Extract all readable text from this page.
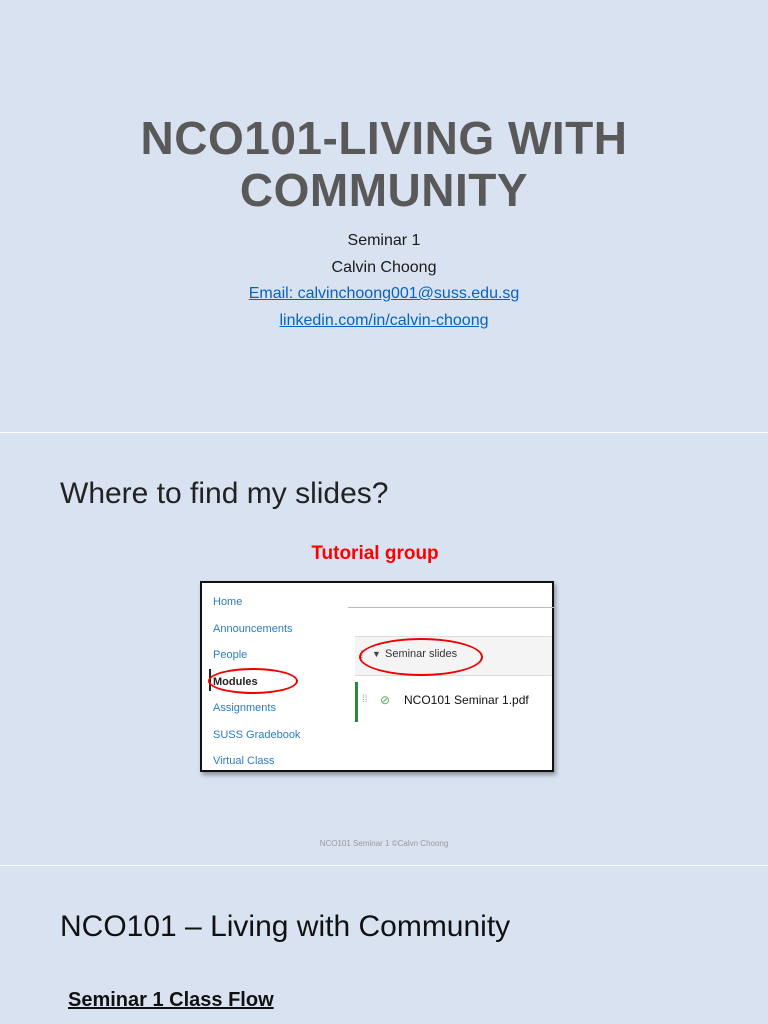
NCO101-LIVING WITH
COMMUNITY
Seminar 1
Calvin Choong
Email: calvinchoong001@suss.edu.sg
linkedin.com/in/calvin-choong
Where to find my slides?
Tutorial group
Home
Announcements
People
Modules
Assignments
SUSS Gradebook
Virtual Class
⁞⁞ ▼ Seminar slides
⁞⁞ ⊘ NCO101 Seminar 1.pdf
NCO101 Seminar 1 ©Calvn Choong
NCO101 – Living with Community
Seminar 1 Class Flow
